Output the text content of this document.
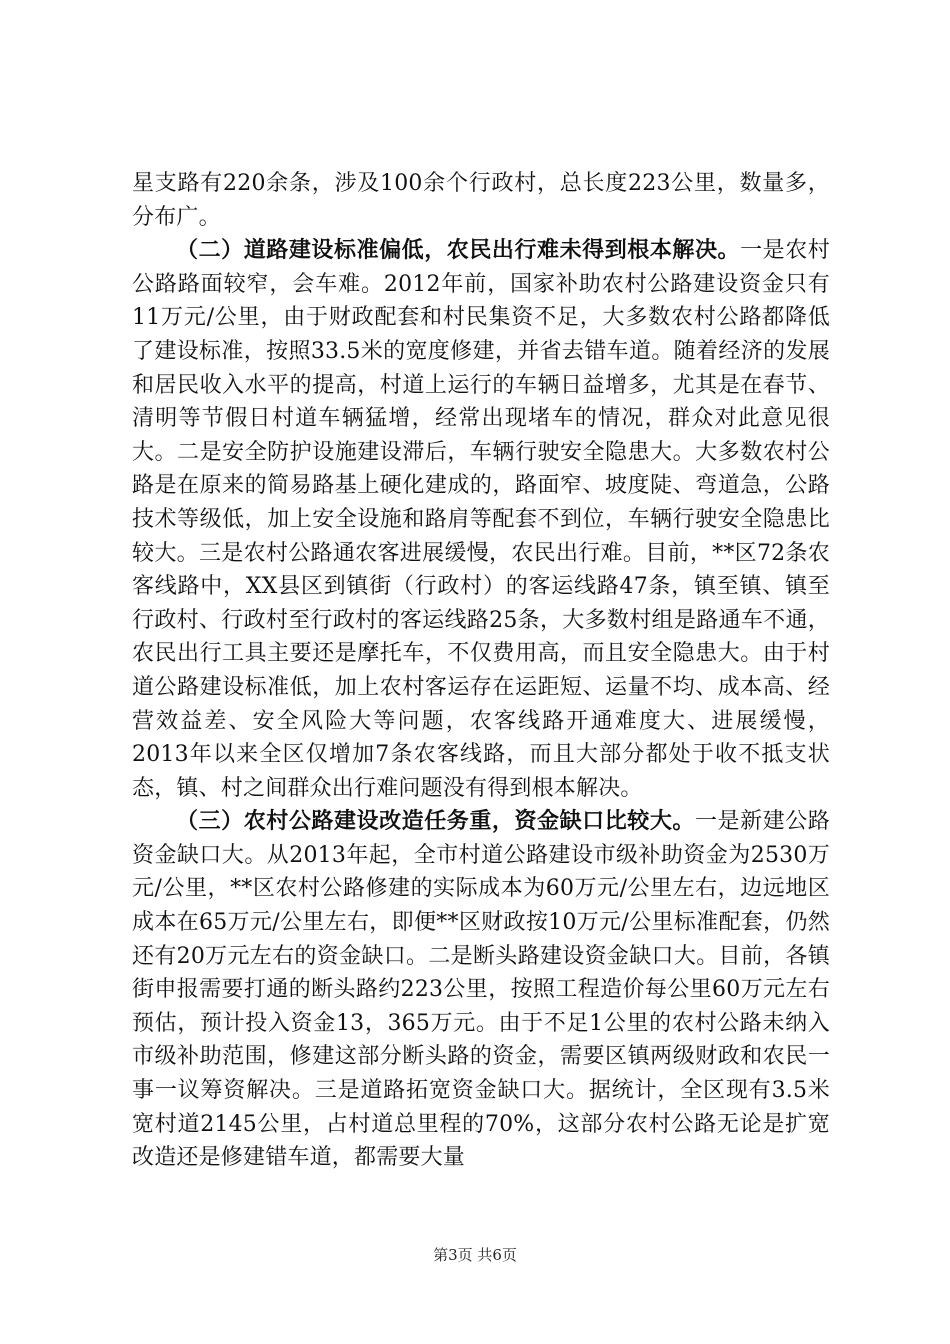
星支路有220余条，涉及100余个行政村，总长度223公里，数量多，分布广。

（二）道路建设标准偏低，农民出行难未得到根本解决。一是农村公路路面较窄，会车难。2012年前，国家补助农村公路建设资金只有11万元/公里，由于财政配套和村民集资不足，大多数农村公路都降低了建设标准，按照33.5米的宽度修建，并省去错车道。随着经济的发展和居民收入水平的提高，村道上运行的车辆日益增多，尤其是在春节、清明等节假日村道车辆猛增，经常出现堵车的情况，群众对此意见很大。二是安全防护设施建设滞后，车辆行驶安全隐患大。大多数农村公路是在原来的简易路基上硬化建成的，路面窄、坡度陡、弯道急，公路技术等级低，加上安全设施和路肩等配套不到位，车辆行驶安全隐患比较大。三是农村公路通农客进展缓慢，农民出行难。目前，**区72条农客线路中，XX县区到镇街（行政村）的客运线路47条，镇至镇、镇至行政村、行政村至行政村的客运线路25条，大多数村组是路通车不通，农民出行工具主要还是摩托车，不仅费用高，而且安全隐患大。由于村道公路建设标准低，加上农村客运存在运距短、运量不均、成本高、经营效益差、安全风险大等问题，农客线路开通难度大、进展缓慢，2013年以来全区仅增加7条农客线路，而且大部分都处于收不抵支状态，镇、村之间群众出行难问题没有得到根本解决。

（三）农村公路建设改造任务重，资金缺口比较大。一是新建公路资金缺口大。从2013年起，全市村道公路建设市级补助资金为2530万元/公里，**区农村公路修建的实际成本为60万元/公里左右，边远地区成本在65万元/公里左右，即便**区财政按10万元/公里标准配套，仍然还有20万元左右的资金缺口。二是断头路建设资金缺口大。目前，各镇街申报需要打通的断头路约223公里，按照工程造价每公里60万元左右预估，预计投入资金13，365万元。由于不足1公里的农村公路未纳入市级补助范围，修建这部分断头路的资金，需要区镇两级财政和农民一事一议筹资解决。三是道路拓宽资金缺口大。据统计，全区现有3.5米宽村道2145公里，占村道总里程的70%，这部分农村公路无论是扩宽改造还是修建错车道，都需要大量

第3页 共6页
